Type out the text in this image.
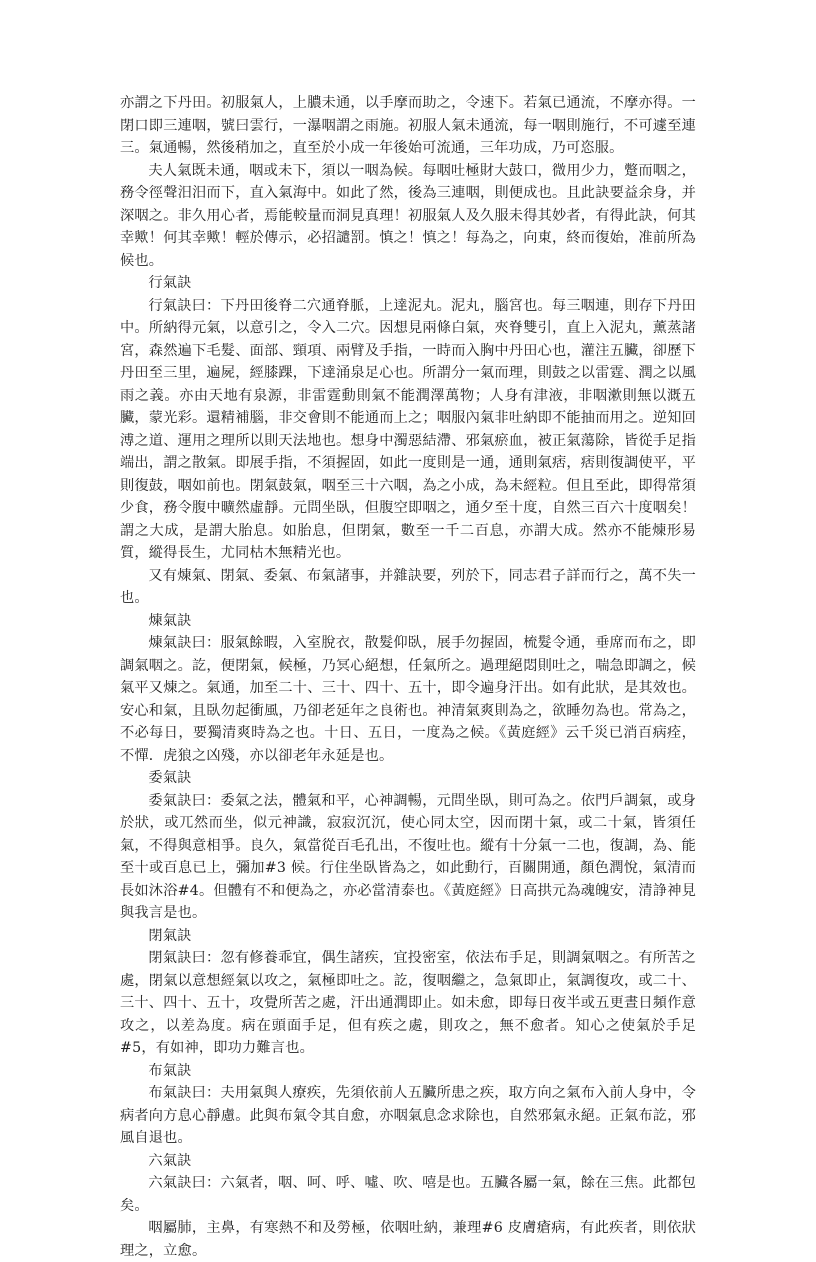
亦謂之下丹田。初服氣人，上膿未通，以手摩而助之，令速下。若氣已通流，不摩亦得。一閉口即三連咽，號曰雲行，一瀑咽謂之雨施。初服人氣未通流，每一咽則施行，不可遽至連三。氣通暢，然後稍加之，直至於小成一年後始可流通，三年功成，乃可恣服。

夫人氣既未通，咽或未下，須以一咽為候。每咽吐極財大鼓口，微用少力，蹩而咽之，務令徑聲汨汨而下，直入氣海中。如此了然，後為三連咽，則便成也。且此訣要益余身，并深咽之。非久用心者，焉能較量而洞見真理！初服氣人及久服未得其妙者，有得此訣，何其幸歟！何其幸歟！輕於傳示，必招譴罰。慎之！慎之！每為之，向東，終而復始，准前所為候也。

行氣訣

行氣訣曰：下丹田後脊二穴通脊脈，上達泥丸。泥丸，腦宮也。每三咽連，則存下丹田中。所納得元氣，以意引之，令入二穴。因想見兩條白氣，夾脊雙引，直上入泥丸，薰蒸諸宮，森然遍下毛髮、面部、頸項、兩臂及手指，一時而入胸中丹田心也，灌注五臟，卻歷下丹田至三里，遍屍，經膝踝，下達涌泉足心也。所謂分一氣而理，則鼓之以雷霆、潤之以風雨之義。亦由天地有泉源，非雷霆動則氣不能潤澤萬物；人身有津液，非咽漱則無以溉五臟，蒙光彩。還精補腦，非交會則不能通而上之；咽服內氣非吐納即不能抽而用之。逆知回溥之道、運用之理所以則天法地也。想身中濁惡結滯、邪氣瘀血，被正氣蕩除，皆從手足指端出，謂之散氣。即展手指，不須握固，如此一度則是一通，通則氣痞，痞則復調使平，平則復鼓，咽如前也。閉氣鼓氣，咽至三十六咽，為之小成，為未經粒。但且至此，即得常須少食，務令腹中曠然虛靜。元問坐臥，但腹空即咽之，通夕至十度，自然三百六十度咽矣！謂之大成，是謂大胎息。如胎息，但閉氣，數至一千二百息，亦謂大成。然亦不能煉形易質，縱得長生，尤同枯木無精光也。

又有煉氣、閉氣、委氣、布氣諸事，并雜訣要，列於下，同志君子詳而行之，萬不失一也。

煉氣訣

煉氣訣曰：服氣餘暇，入室脫衣，散髮仰臥，展手勿握固，梳髮令通，垂席而布之，即調氣咽之。訖，便閉氣，候極，乃冥心絕想，任氣所之。過理絕悶則吐之，喘急即調之，候氣平又煉之。氣通，加至二十、三十、四十、五十，即令遍身汗出。如有此狀，是其效也。安心和氣，且臥勿起衝風，乃卻老延年之良術也。神清氣爽則為之，欲睡勿為也。常為之，不必每日，要獨清爽時為之也。十日、五日，一度為之候。《黃庭經》云千災已消百病痊，不憚．虎狼之凶殘，亦以卻老年永延是也。

委氣訣

委氣訣曰：委氣之法，體氣和平，心神調暢，元問坐臥，則可為之。依門戶調氣，或身於狀，或兀然而坐，似元神識，寂寂沉沉，使心同太空，因而閉十氣，或二十氣，皆須任氣，不得與意相爭。良久，氣當從百毛孔出，不復吐也。縱有十分氣一二也，復調，為、能至十或百息已上，彌加#3 候。行住坐臥皆為之，如此動行，百關開通，顏色潤悅，氣清而長如沐浴#4。但體有不和便為之，亦必當清泰也。《黃庭經》日高拱元為魂魄安，清諍神見與我言是也。

閉氣訣

閉氣訣曰：忽有修養乖宜，偶生諸疾，宜投密室，依法布手足，則調氣咽之。有所苦之處，閉氣以意想經氣以攻之，氣極即吐之。訖，復咽繼之，急氣即止，氣調復攻，或二十、三十、四十、五十，攻覺所苦之處，汗出通潤即止。如未愈，即每日夜半或五更晝日頻作意攻之，以差為度。病在頭面手足，但有疾之處，則攻之，無不愈者。知心之使氣於手足#5，有如神，即功力難言也。

布氣訣

布氣訣曰：夫用氣與人療疾，先須依前人五臟所患之疾，取方向之氣布入前人身中，令病者向方息心靜慮。此與布氣令其自愈，亦咽氣息念求除也，自然邪氣永絕。正氣布訖，邪風自退也。

六氣訣

六氣訣曰：六氣者，咽、呵、呼、噓、吹、嘻是也。五臟各屬一氣，餘在三焦。此都包矣。

咽屬肺，主鼻，有寒熱不和及勞極，依咽吐納，兼理#6 皮膚瘡病，有此疾者，則依狀理之，立愈。
